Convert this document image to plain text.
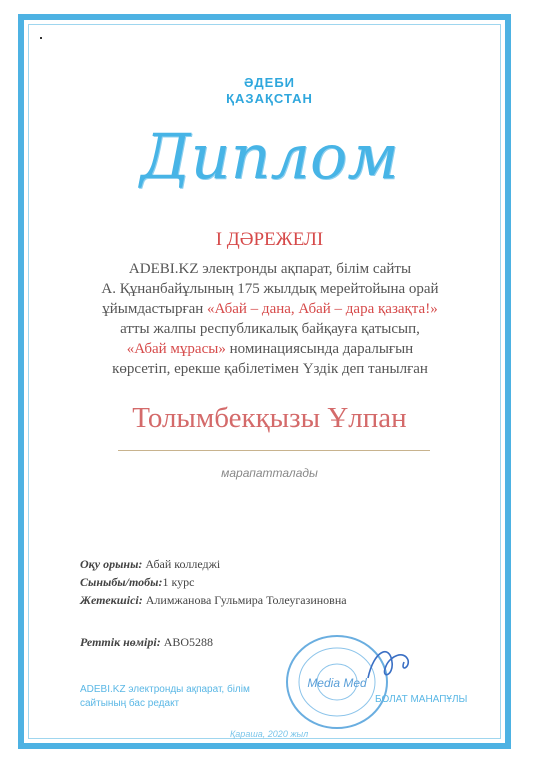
ӘДЕБИ
ҚАЗАҚСТАН
Диплом
І ДӘРЕЖЕЛІ
ADEBI.KZ электронды ақпарат, білім сайты
А. Құнанбайұлының 175 жылдық мерейтойына орай
ұйымдастырған «Абай – дана, Абай – дара қазақта!»
атты жалпы республикалық байқауға қатысып,
«Абай мұрасы» номинациясында даралығын
көрсетіп, ерекше қабілетімен Үздік деп танылған
Толымбекқызы Ұлпан
марапатталады
Оқу орыны: Абай колледжі
Сыныбы/тобы:1 курс
Жетекшісі: Алимжанова Гульмира Толеугазиновна
Реттік нөмірі: ABO5288
Media Med
ADEBI.KZ электронды ақпарат, білім
сайтының бас редакт	БОЛАТ МАНАПҰЛЫ
Қараша, 2020 жыл
